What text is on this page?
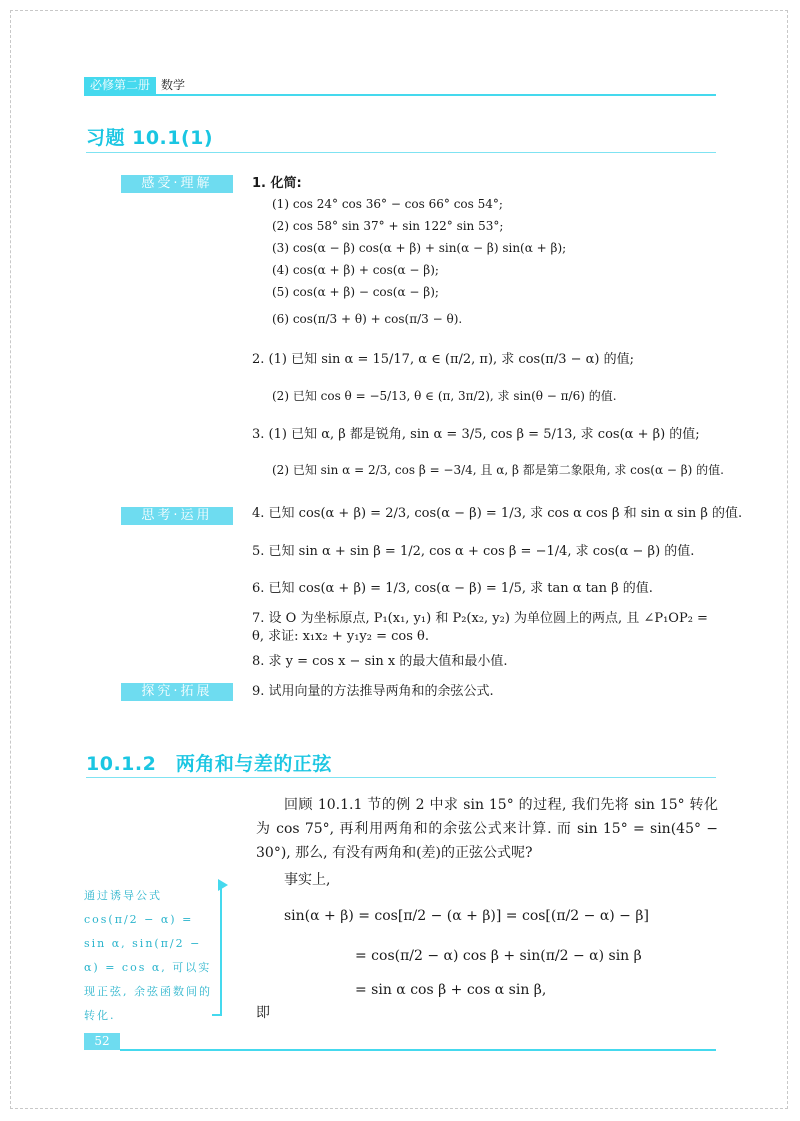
必修第二册 数学
习题 10.1(1)
感受·理解	1. 化简:
(1) cos 24° cos 36° − cos 66° cos 54°;
(2) cos 58° sin 37° + sin 122° sin 53°;
(3) cos(α − β) cos(α + β) + sin(α − β) sin(α + β);
(4) cos(α + β) + cos(α − β);
(5) cos(α + β) − cos(α − β);
(6) cos(π/3 + θ) + cos(π/3 − θ).
2. (1) 已知 sin α = 15/17, α ∈ (π/2, π), 求 cos(π/3 − α) 的值;
(2) 已知 cos θ = −5/13, θ ∈ (π, 3π/2), 求 sin(θ − π/6) 的值.
3. (1) 已知 α, β 都是锐角, sin α = 3/5, cos β = 5/13, 求 cos(α + β) 的值;
(2) 已知 sin α = 2/3, cos β = −3/4, 且 α, β 都是第二象限角, 求 cos(α − β) 的值.
思考·运用	4. 已知 cos(α + β) = 2/3, cos(α − β) = 1/3, 求 cos α cos β 和 sin α sin β 的值.
5. 已知 sin α + sin β = 1/2, cos α + cos β = −1/4, 求 cos(α − β) 的值.
6. 已知 cos(α + β) = 1/3, cos(α − β) = 1/5, 求 tan α tan β 的值.
7. 设 O 为坐标原点, P₁(x₁, y₁) 和 P₂(x₂, y₂) 为单位圆上的两点, 且 ∠P₁OP₂ = θ, 求证: x₁x₂ + y₁y₂ = cos θ.
8. 求 y = cos x − sin x 的最大值和最小值.
探究·拓展	9. 试用向量的方法推导两角和的余弦公式.
10.1.2　两角和与差的正弦
回顾 10.1.1 节的例 2 中求 sin 15° 的过程, 我们先将 sin 15° 转化为 cos 75°, 再利用两角和的余弦公式来计算. 而 sin 15° = sin(45° − 30°), 那么, 有没有两角和(差)的正弦公式呢?
事实上,
sin(α + β) = cos[π/2 − (α + β)] = cos[(π/2 − α) − β]
= cos(π/2 − α) cos β + sin(π/2 − α) sin β
= sin α cos β + cos α sin β,
即
通过诱导公式 cos(π/2 − α) = sin α, sin(π/2 − α) = cos α, 可以实现正弦, 余弦函数间的转化.
52
